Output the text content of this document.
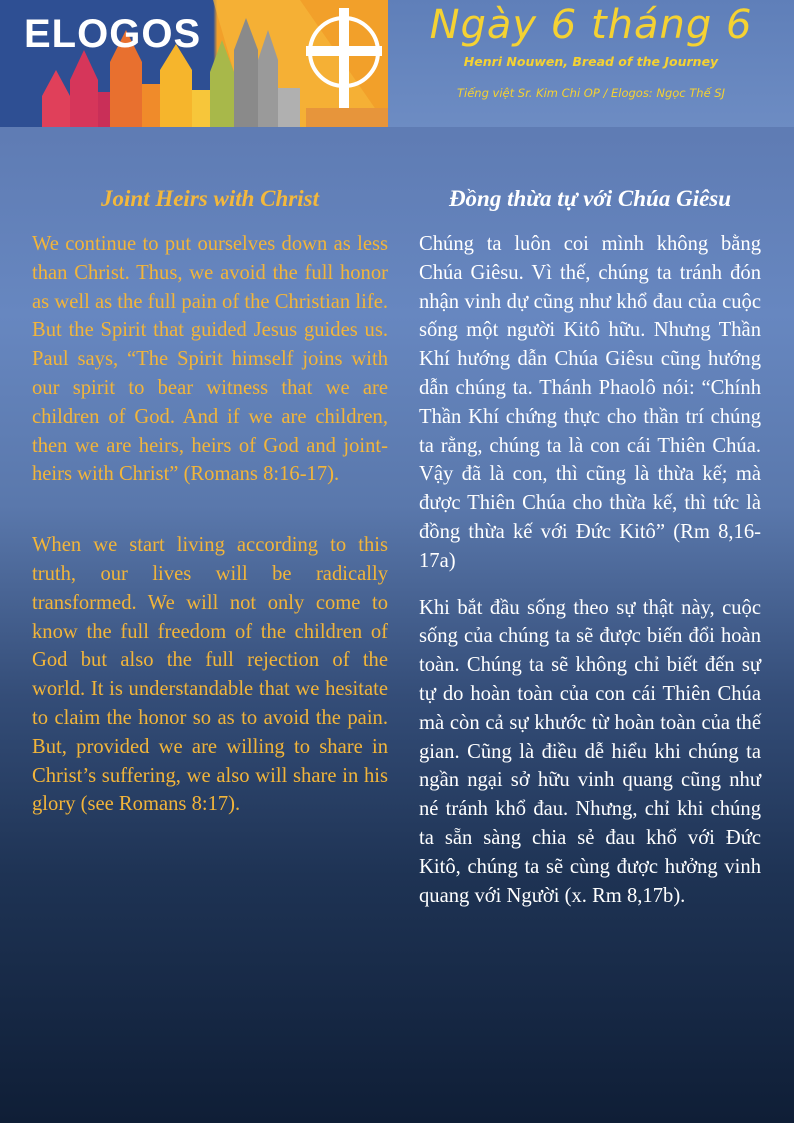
ELOGOS	Ngày 6 tháng 6
Henri Nouwen, Bread of the Journey
Tiếng việt Sr. Kim Chi OP / Elogos: Ngọc Thế SJ
Joint Heirs with Christ

We continue to put ourselves down as less than Christ. Thus, we avoid the full honor as well as the full pain of the Christian life. But the Spirit that guided Jesus guides us. Paul says, “The Spirit himself joins with our spirit to bear witness that we are children of God. And if we are children, then we are heirs, heirs of God and joint-heirs with Christ” (Romans 8:16-17).

When we start living according to this truth, our lives will be radically transformed. We will not only come to know the full freedom of the children of God but also the full rejection of the world. It is understandable that we hesitate to claim the honor so as to avoid the pain. But, provided we are willing to share in Christ’s suffering, we also will share in his glory (see Romans 8:17).

Đồng thừa tự với Chúa Giêsu

Chúng ta luôn coi mình không bằng Chúa Giêsu. Vì thế, chúng ta tránh đón nhận vinh dự cũng như khổ đau của cuộc sống một người Kitô hữu. Nhưng Thần Khí hướng dẫn Chúa Giêsu cũng hướng dẫn chúng ta. Thánh Phaolô nói: “Chính Thần Khí chứng thực cho thần trí chúng ta rằng, chúng ta là con cái Thiên Chúa. Vậy đã là con, thì cũng là thừa kế; mà được Thiên Chúa cho thừa kế, thì tức là đồng thừa kế với Đức Kitô” (Rm 8,16-17a)

Khi bắt đầu sống theo sự thật này, cuộc sống của chúng ta sẽ được biến đổi hoàn toàn. Chúng ta sẽ không chỉ biết đến sự tự do hoàn toàn của con cái Thiên Chúa mà còn cả sự khước từ hoàn toàn của thế gian. Cũng là điều dễ hiểu khi chúng ta ngần ngại sở hữu vinh quang cũng như né tránh khổ đau. Nhưng, chỉ khi chúng ta sẵn sàng chia sẻ đau khổ với Đức Kitô, chúng ta sẽ cùng được hưởng vinh quang với Người (x. Rm 8,17b).
